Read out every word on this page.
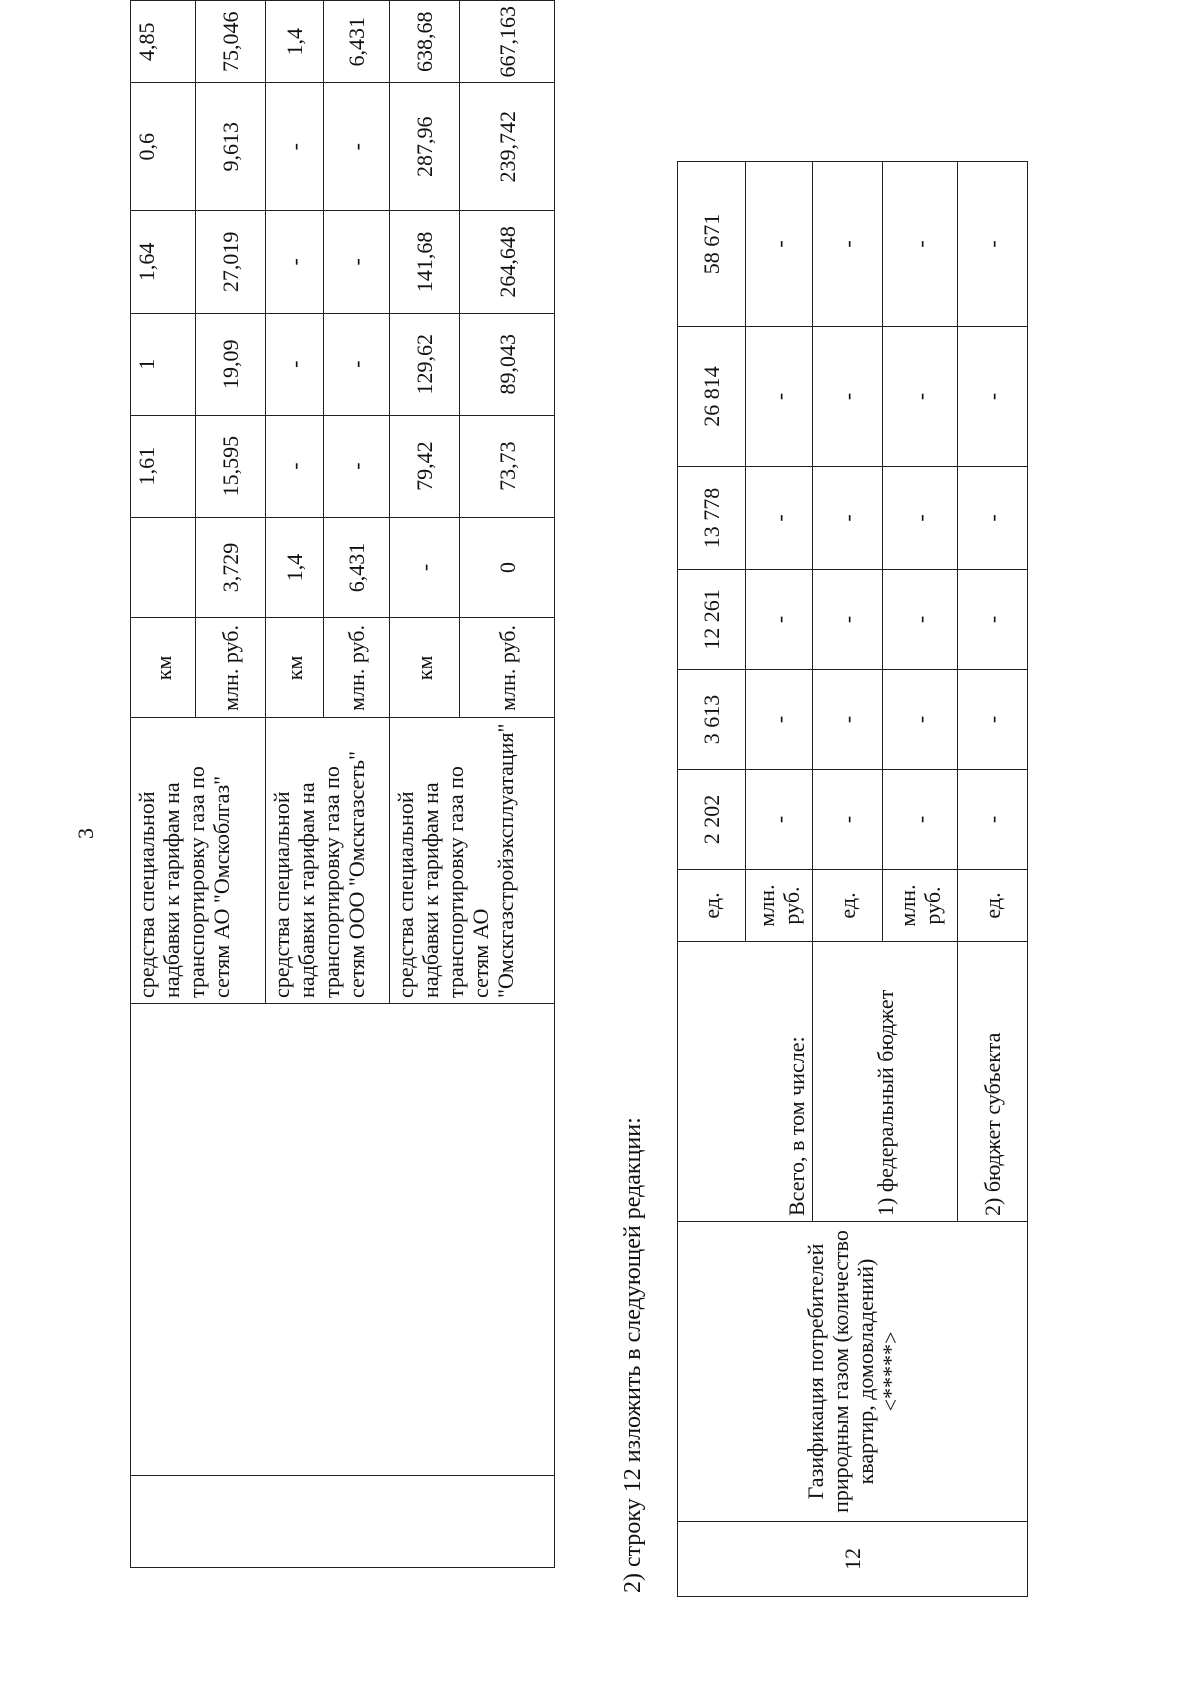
3
		средства специальной надбавки к тарифам на транспортировку газа по сетям АО "Омскоблгаз"	км		1,61	1	1,64	0,6	4,85
			млн. руб.	3,729	15,595	19,09	27,019	9,613	75,046
		средства специальной надбавки к тарифам на транспортировку газа по сетям ООО "Омскгазсеть"	км	1,4	-	-	-	-	1,4
			млн. руб.	6,431	-	-	-	-	6,431
		средства специальной надбавки к тарифам на транспортировку газа по сетям АО "Омскгазстройэксплуатация"	км	-	79,42	129,62	141,68	287,96	638,68
			млн. руб.	0	73,73	89,043	264,648	239,742	667,163
2) строку 12 изложить в следующей редакции:	12	Газификация потребителей природным газом (количество квартир, домовладений) <*****>	Всего, в том числе:	ед.	2 202	3 613	12 261	13 778	26 814	58 671
			млн. руб.	-	-	-	-	-	-
		1) федеральный бюджет	ед.	-	-	-	-	-	-
			млн. руб.	-	-	-	-	-	-
		2) бюджет субъекта	ед.	-	-	-	-	-	-
